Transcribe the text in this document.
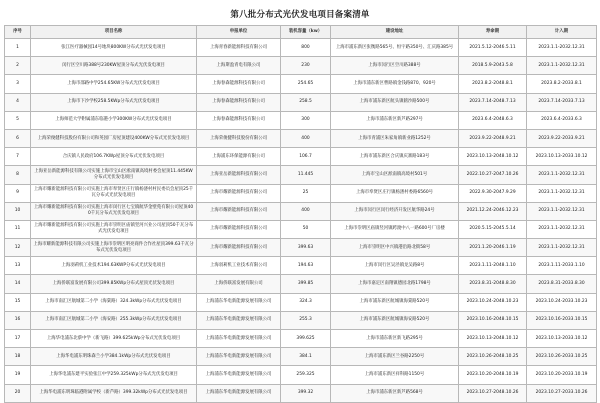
第八批分布式光伏发电项目备案清单
序号	项目名称	申报单位	装机容量（kw）	建设地址	寿命期	计入期
1	张江医疗器械园14号地块800KW分布式光伏发电项目	上海青春新能源科技有限公司	800	上海市浦东新区张衡路565号、恒宇路350号、汇庆路385号	2021.5.12-2046.5.11	2023.1.1-2032.12.31
2	闵行区空川路388号230KW屋顶分布式光伏发电项目	上海斯盈青电有限公司	230	上海市闵行区空川路388号	2018.5.9-2043.5.8	2023.1.1-2032.12.31
3	上海市邵路中学254.65KW分布式光伏发电项目	上海春森能源科技有限公司	254.65	上海市浦东新区曹路镇金钱路870、920号	2023.8.2-2048.8.1	2023.8.2-2033.8.1
4	上海市下沙学校258.5KWp分布式光伏发电项目	上海春森能源科技有限公司	258.5	上海市浦东新区航头镇鹤沙路500号	2023.7.14-2048.7.13	2023.7.14-2033.7.13
5	上海师范大学附属浦东临港小学300KW分布式光伏发电项目	上海春森能源科技有限公司	300	上海市浦东新区新芦路297号	2023.6.4-2048.6.3	2023.6.4-2033.6.3
6	上海荣俊健科技股份有限公司和英园厂房屋顶建设400KW分布式光伏发电项目	上海荣俊健科技股份有限公司	400	上海市青浦区朱家角镇新业路1252号	2023.9.22-2048.9.21	2023.9.22-2033.9.21
7	合庆镇人民政府106.7KWp屋顶分布式光伏发电项目	上海浦东环保能源有限公司	106.7	上海市浦东新区合庆镇庆寨路183号	2023.10.13-2048.10.12	2023.10.13-2033.10.12
8	上海亚岳新能源科技有限公司实施上海市宝山区淞南镇高境村委会屋顶11.445KW分布式光伏发电项目	上海亚岳新能源科技有限公司	11.445	上海市宝山区淞南镇高境村501号	2022.10.27-2047.10.26	2023.1.1-2032.12.31
9	上海市耀新能源科技有限公司实施上海市奉贤区庄行镇杨溇村村民委员会屋顶25千瓦分布式光伏发电项目	上海市耀新能源科技有限公司	25	上海市奉贤区庄行镇杨溇村委路6560号	2022.9.30-2047.9.29	2023.1.1-2032.12.31
10	上海市耀新能源科技有限公司实施上海市闵行区七宝镇航华金壁苑有限公司屋顶400千瓦分布式光伏发电项目	上海市耀新能源科技有限公司	400	上海市闵行区闵行经济开发区航华路24号	2021.12.24-2046.12.23	2023.1.1-2032.12.31
11	上海市耀新能源科技有限公司实施上海市崇明区庙镇竖河兴业公司屋顶50千瓦分布式光伏发电项目	上海市耀新能源科技有限公司	50	上海市崇明区庙镇竖河镇跨渡中八一路600号厂房楼	2020.5.15-2045.5.14	2023.1.1-2032.12.31
12	上海市耀新能源科技有限公司实施上海市崇明区明亮商件合作社屋顶399.63千瓦分布式光伏发电项目	上海市耀新能源科技有限公司	399.63	上海市崇明区中兴镇港沿路北街58号	2021.1.20-2046.1.19	2023.1.1-2032.12.31
13	上海羽莉机工业技术194.63KWP分布式光伏发电项目	上海羽莉机工业技术有限公司	194.63	上海市闵行区吴泾镇龙吴路8号	2023.1.11-2048.1.10	2023.1.11-2033.1.10
14	上海侨联富发展有限公司399.85KWp分布式屋顶光伏发电项目	上海侨联富发展有限公司	399.85	上海市嘉定区南翔镇德园北路1798号	2023.8.31-2048.8.30	2023.8.31-2033.8.30
15	上海市南汇区航城第二小学（海棠路）324.3kWp分布式光伏发电项目	上海浦东华电新能源发展有限公司	324.3	上海市浦东新区航城镇海棠路520号	2023.10.24-2048.10.23	2023.10.24-2033.10.23
16	上海市南汇区航城第二小学（海安路）255.3kWp分布式光伏发电项目	上海浦东华电新能源发展有限公司	255.3	上海市浦东新区航城镇海安路520号	2023.10.16-2048.10.15	2023.10.16-2033.10.15
17	上海华电浦东北蔡中学（新飞路）399.625kWp分布式光伏发电项目	上海浦东华电新能源发展有限公司	399.625	上海市浦东新区新飞路295号	2023.10.13-2048.10.12	2023.10.13-2033.10.12
18	上海华电浦东明珠森兰小学384.1kWp分布式光伏发电项目	上海浦东华电新能源发展有限公司	384.1	上海市浦东新区兰谷路2250号	2023.10.26-2048.10.25	2023.10.26-2033.10.25
19	上海华电浦东建平实验张江中学259.325kWp分布式光伏发电项目	上海浦东华电新能源发展有限公司	259.325	上海市浦东新区祥科路1150号	2023.10.20-2048.10.19	2023.10.20-2033.10.19
20	上海华电浦东明珠临港附属学校（新芦路）399.32kWp分布式光伏发电项目	上海浦东华电新能源发展有限公司	399.32	上海市浦东新区新芦路568号	2023.10.27-2048.10.26	2023.10.27-2033.10.26
